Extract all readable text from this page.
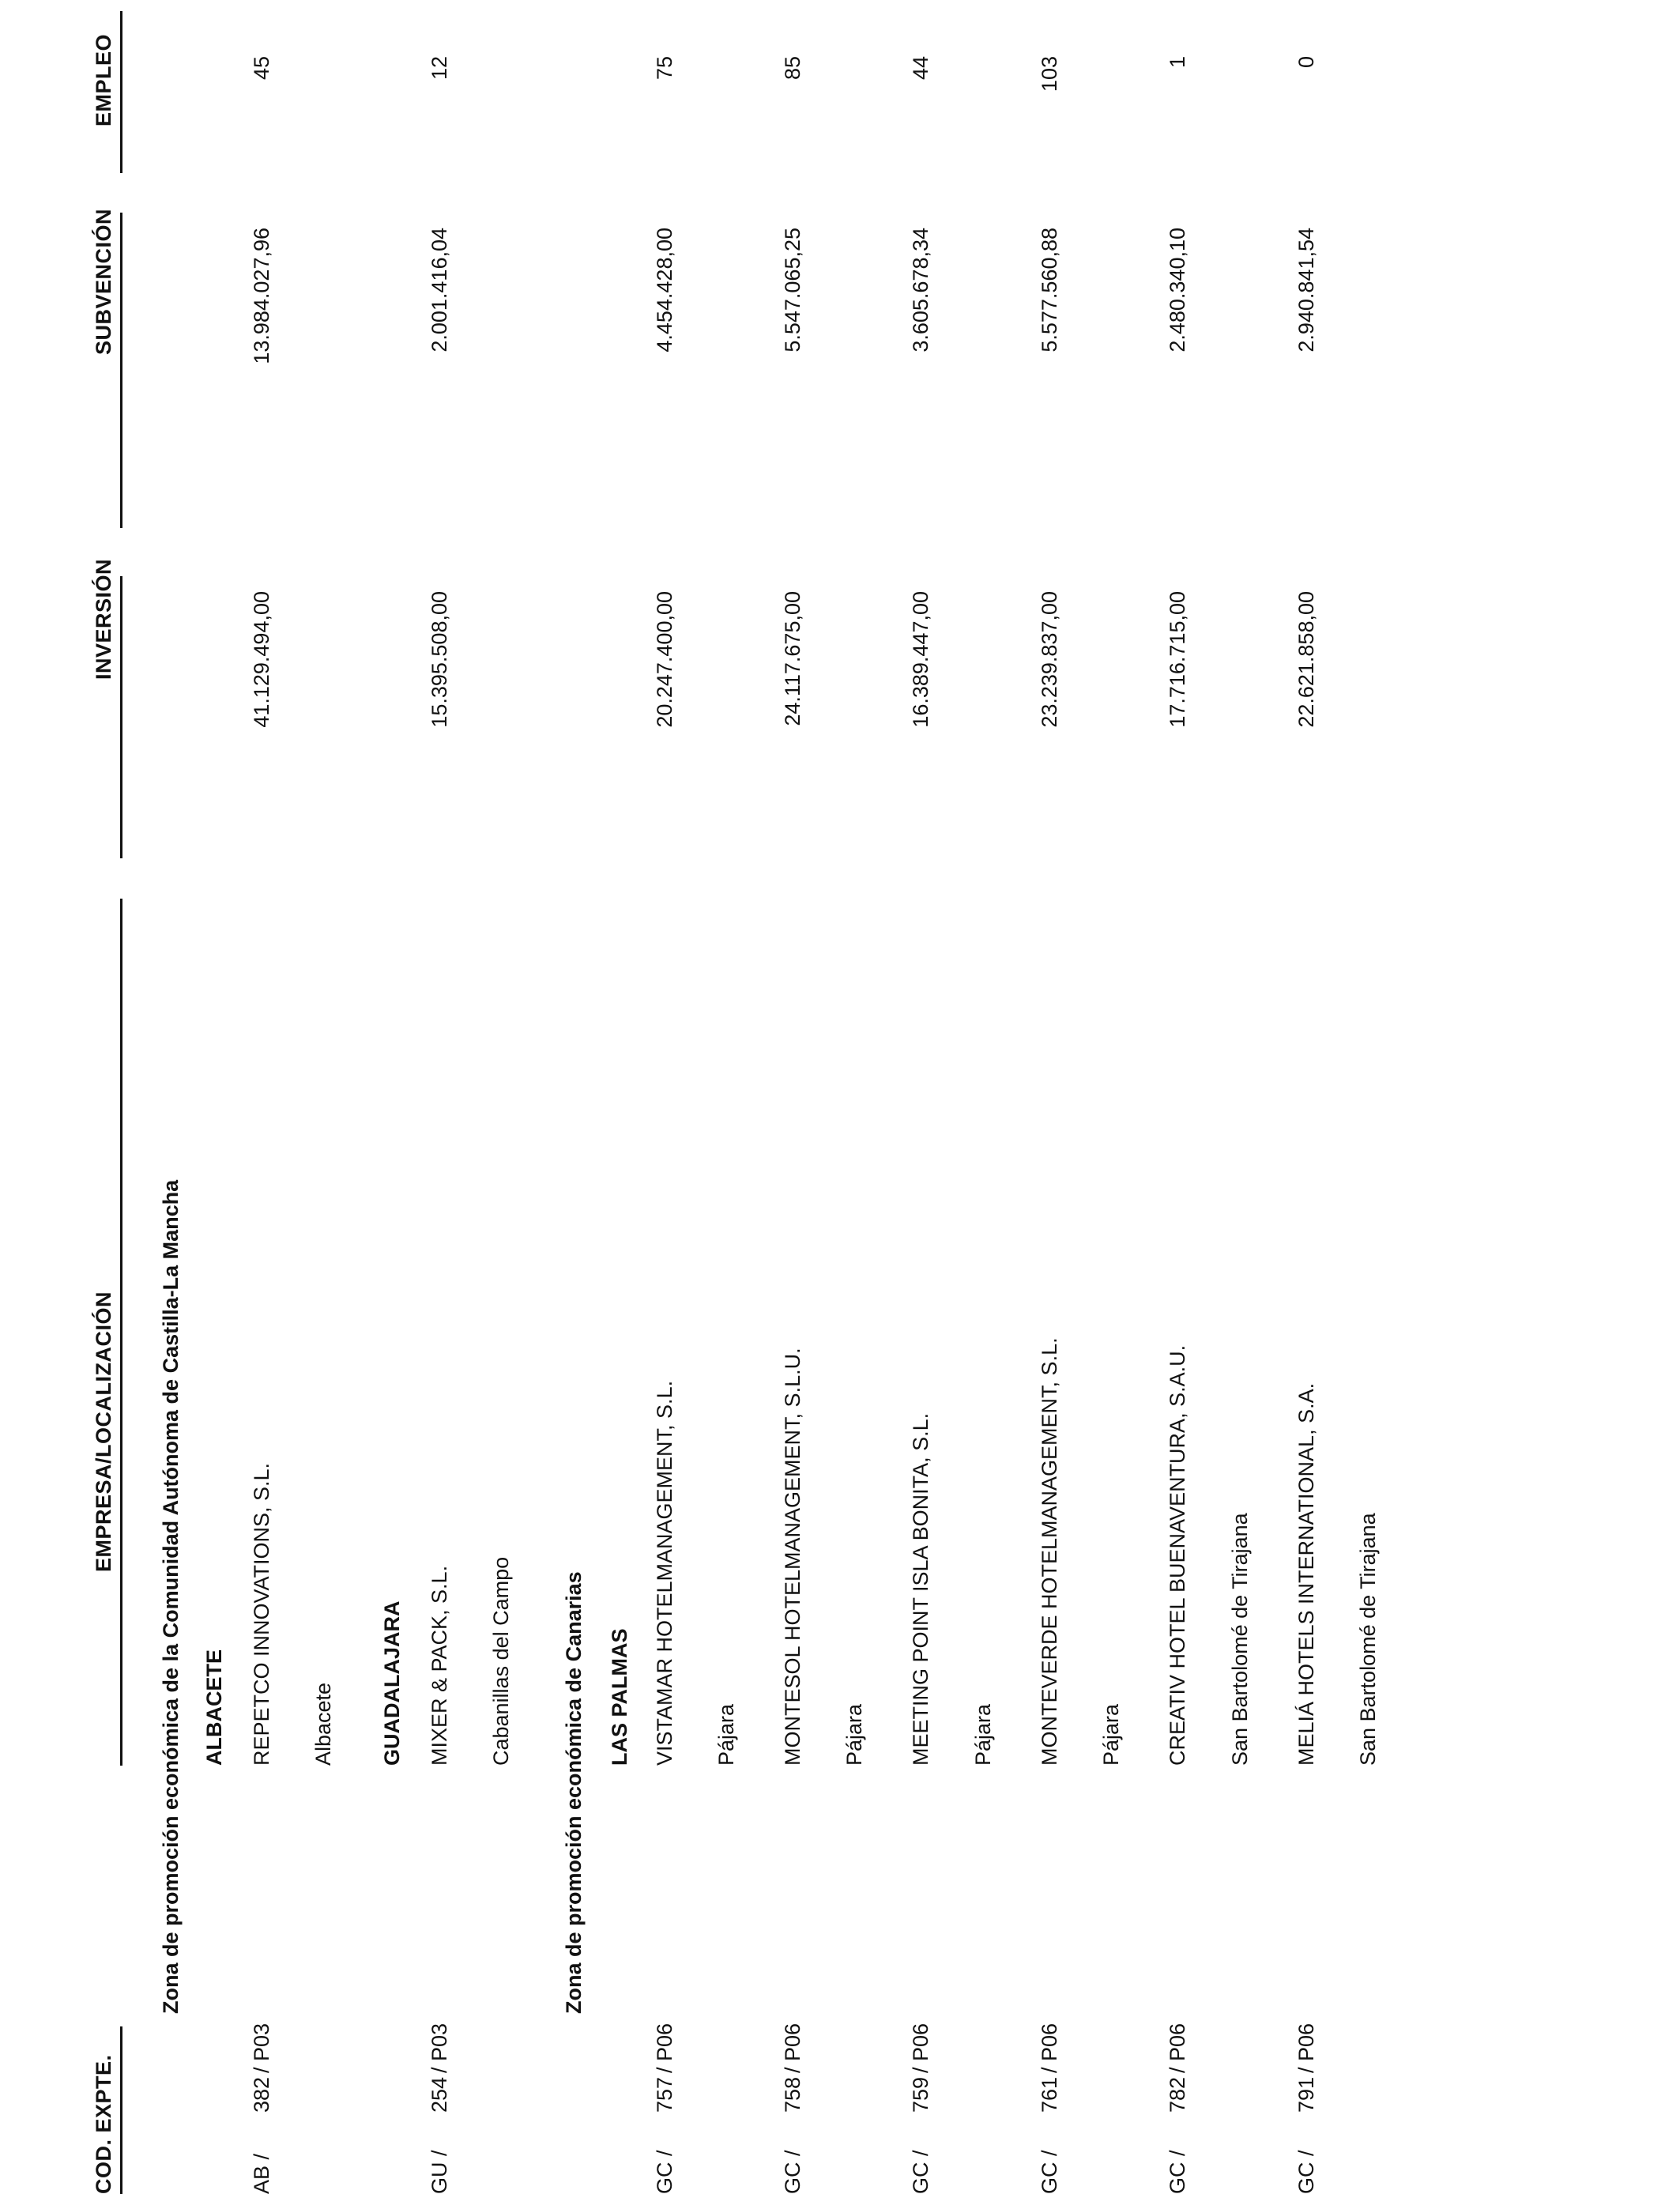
COD. EXPTE.
EMPRESA/LOCALIZACIÓN
INVERSIÓN
SUBVENCIÓN
EMPLEO
Zona de promoción económica de la Comunidad Autónoma de Castilla-La Mancha ALBACETE
AB /
382
/ P03
REPETCO INNOVATIONS, S.L.
41.129.494,00
13.984.027,96
45
Albacete GUADALAJARA
GU /
254
/ P03
MIXER & PACK, S.L.
15.395.508,00
2.001.416,04
12
Cabanillas del Campo Zona de promoción económica de Canarias LAS PALMAS
GC /
757
/ P06
VISTAMAR HOTELMANAGEMENT, S.L.
20.247.400,00
4.454.428,00
75
Pájara
GC /
758
/ P06
MONTESOL HOTELMANAGEMENT, S.L.U.
24.117.675,00
5.547.065,25
85
Pájara
GC /
759
/ P06
MEETING POINT ISLA BONITA, S.L.
16.389.447,00
3.605.678,34
44
Pájara
GC /
761
/ P06
MONTEVERDE HOTELMANAGEMENT, S.L.
23.239.837,00
5.577.560,88
103
Pájara
GC /
782
/ P06
CREATIV HOTEL BUENAVENTURA, S.A.U.
17.716.715,00
2.480.340,10
1
San Bartolomé de Tirajana
GC /
791
/ P06
MELIÁ HOTELS INTERNATIONAL, S.A.
22.621.858,00
2.940.841,54
0
San Bartolomé de Tirajana
